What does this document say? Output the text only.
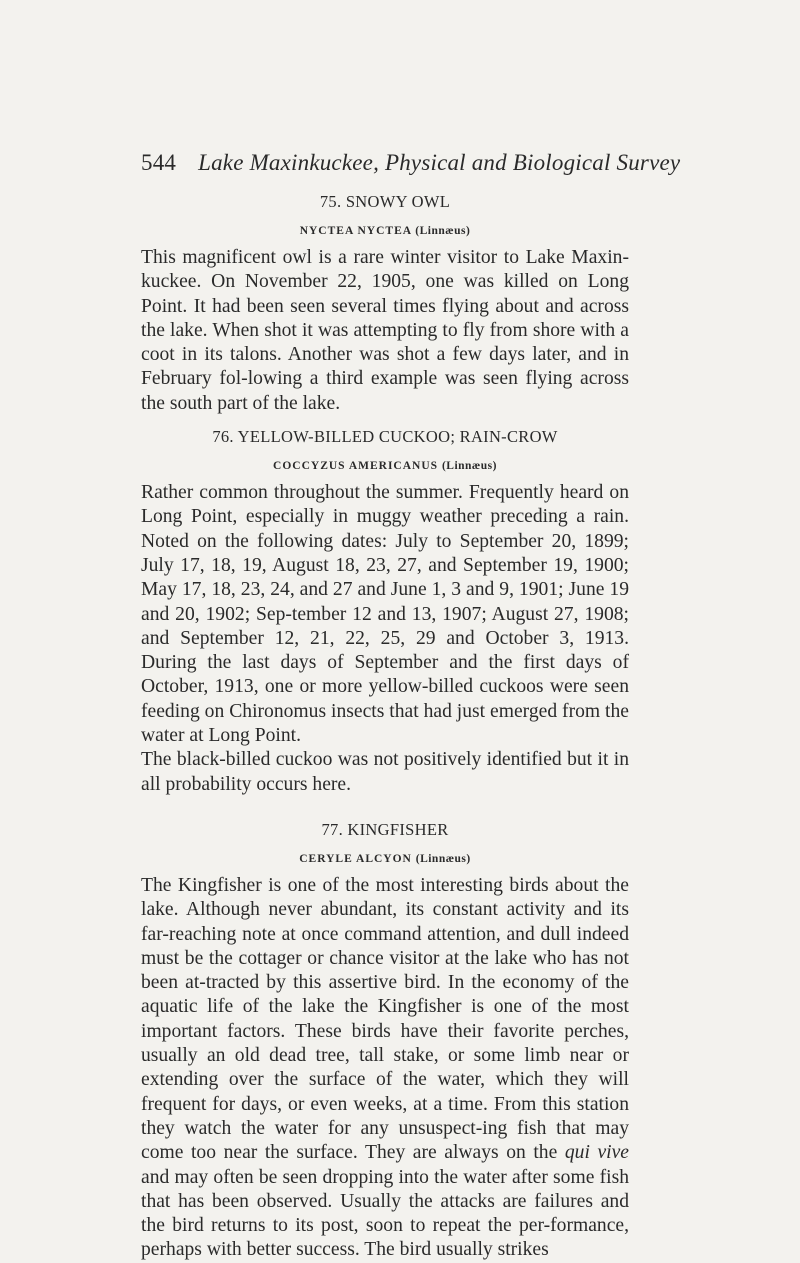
544 Lake Maxinkuckee, Physical and Biological Survey
75. SNOWY OWL
NYCTEA NYCTEA (Linnæus)

This magnificent owl is a rare winter visitor to Lake Maxin-kuckee. On November 22, 1905, one was killed on Long Point. It had been seen several times flying about and across the lake. When shot it was attempting to fly from shore with a coot in its talons. Another was shot a few days later, and in February fol-lowing a third example was seen flying across the south part of the lake.

76. YELLOW-BILLED CUCKOO; RAIN-CROW
COCCYZUS AMERICANUS (Linnæus)

Rather common throughout the summer. Frequently heard on Long Point, especially in muggy weather preceding a rain. Noted on the following dates: July to September 20, 1899; July 17, 18, 19, August 18, 23, 27, and September 19, 1900; May 17, 18, 23, 24, and 27 and June 1, 3 and 9, 1901; June 19 and 20, 1902; Sep-tember 12 and 13, 1907; August 27, 1908; and September 12, 21, 22, 25, 29 and October 3, 1913. During the last days of September and the first days of October, 1913, one or more yellow-billed cuckoos were seen feeding on Chironomus insects that had just emerged from the water at Long Point.

The black-billed cuckoo was not positively identified but it in all probability occurs here.

77. KINGFISHER
CERYLE ALCYON (Linnæus)

The Kingfisher is one of the most interesting birds about the lake. Although never abundant, its constant activity and its far-reaching note at once command attention, and dull indeed must be the cottager or chance visitor at the lake who has not been at-tracted by this assertive bird. In the economy of the aquatic life of the lake the Kingfisher is one of the most important factors. These birds have their favorite perches, usually an old dead tree, tall stake, or some limb near or extending over the surface of the water, which they will frequent for days, or even weeks, at a time. From this station they watch the water for any unsuspect-ing fish that may come too near the surface. They are always on the qui vive and may often be seen dropping into the water after some fish that has been observed. Usually the attacks are failures and the bird returns to its post, soon to repeat the per-formance, perhaps with better success. The bird usually strikes
